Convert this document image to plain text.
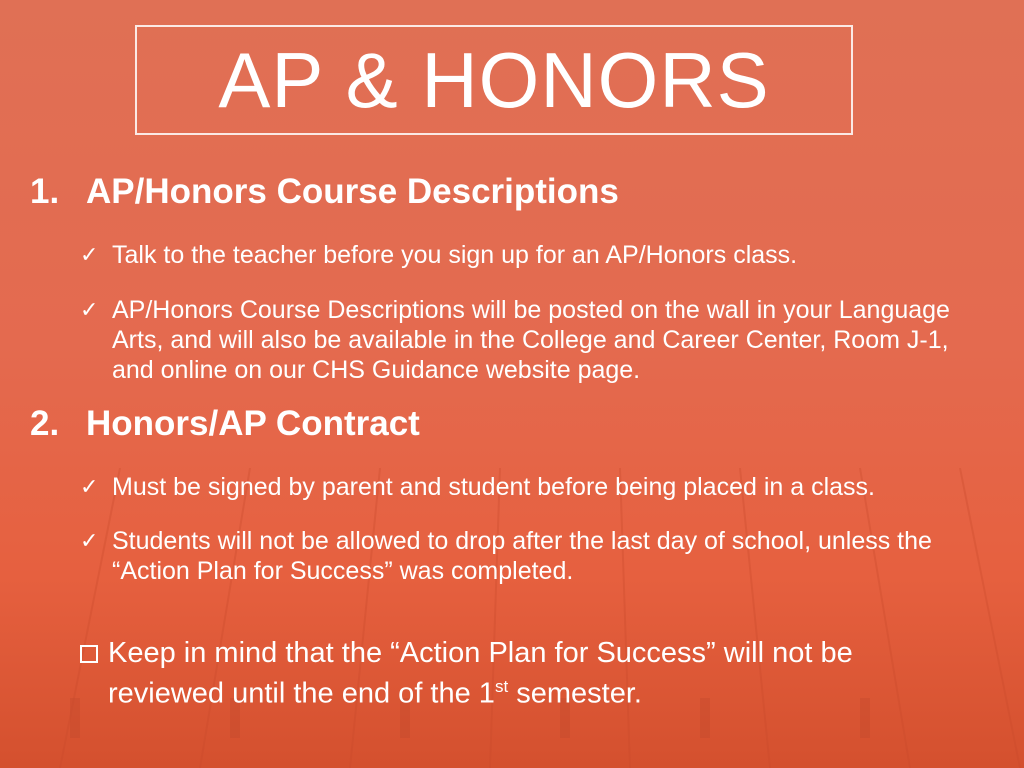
AP & HONORS
1. AP/Honors Course Descriptions
✓ Talk to the teacher before you sign up for an AP/Honors class.
✓ AP/Honors Course Descriptions will be posted on the wall in your Language Arts, and will also be available in the College and Career Center, Room J-1, and online on our CHS Guidance website page.
2. Honors/AP Contract
✓ Must be signed by parent and student before being placed in a class.
✓ Students will not be allowed to drop after the last day of school, unless the “Action Plan for Success” was completed.
Keep in mind that the “Action Plan for Success” will not be reviewed until the end of the 1st semester.
